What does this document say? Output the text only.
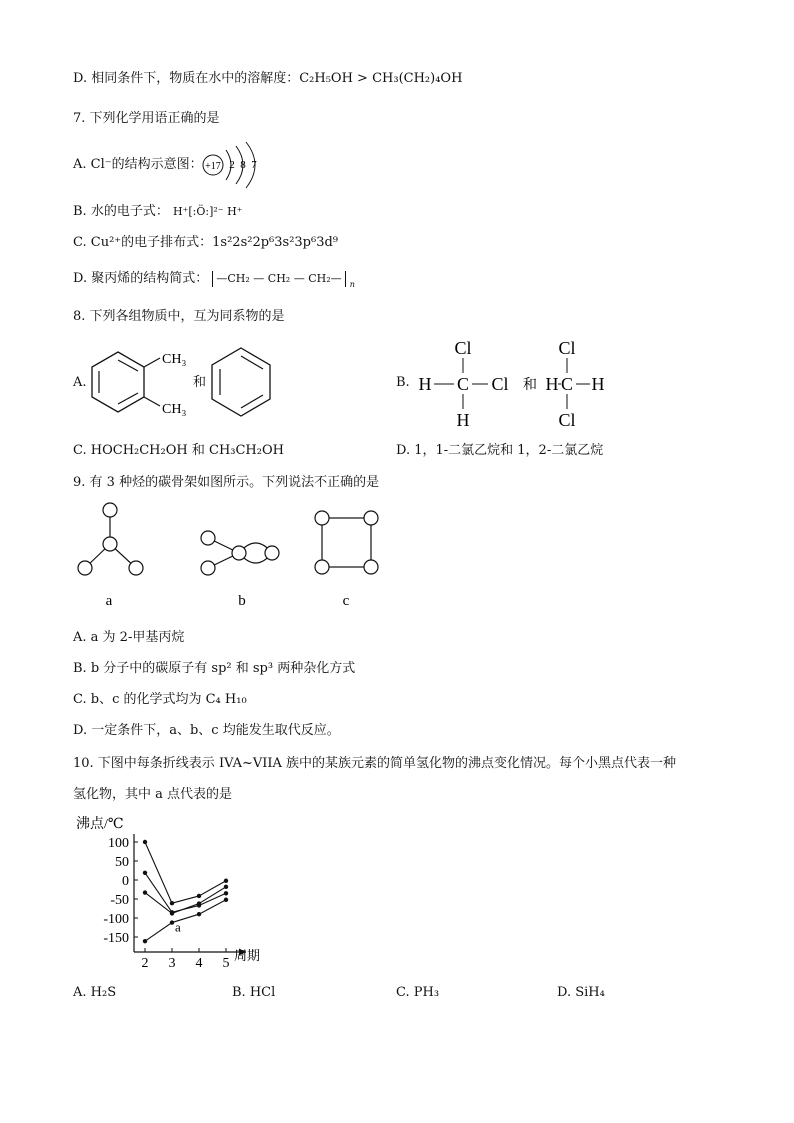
D. 相同条件下，物质在水中的溶解度：C₂H₅OH > CH₃(CH₂)₄OH
7. 下列化学用语正确的是
A. Cl⁻的结构示意图： +17 2 8 7
B. 水的电子式： H⁺[:Ö:]²⁻ H⁺
C. Cu²⁺的电子排布式：1s²2s²2p⁶3s²3p⁶3d⁹
D. 聚丙烯的结构简式： —CH₂ — CH₂ — CH₂— $_n$
8. 下列各组物质中，互为同系物的是
A.
CH₃
CH₃
和	B.
Cl
H C Cl
H
和 H
Cl
C H
Cl
C. HOCH₂CH₂OH 和 CH₃CH₂OH	D. 1，1-二氯乙烷和 1，2-二氯乙烷
9. 有 3 种烃的碳骨架如图所示。下列说法不正确的是
a	b	c
A. a 为 2-甲基丙烷
B. b 分子中的碳原子有 sp² 和 sp³ 两种杂化方式
C. b、c 的化学式均为 C₄ H₁₀
D. 一定条件下，a、b、c 均能发生取代反应。
10. 下图中每条折线表示 IVA~VIIA 族中的某族元素的简单氢化物的沸点变化情况。每个小黑点代表一种
氢化物，其中 a 点代表的是
沸点/℃
周期
100
50
0
-50
-100
-150
2 3 4 5
a
A. H₂S	B. HCl	C. PH₃	D. SiH₄
